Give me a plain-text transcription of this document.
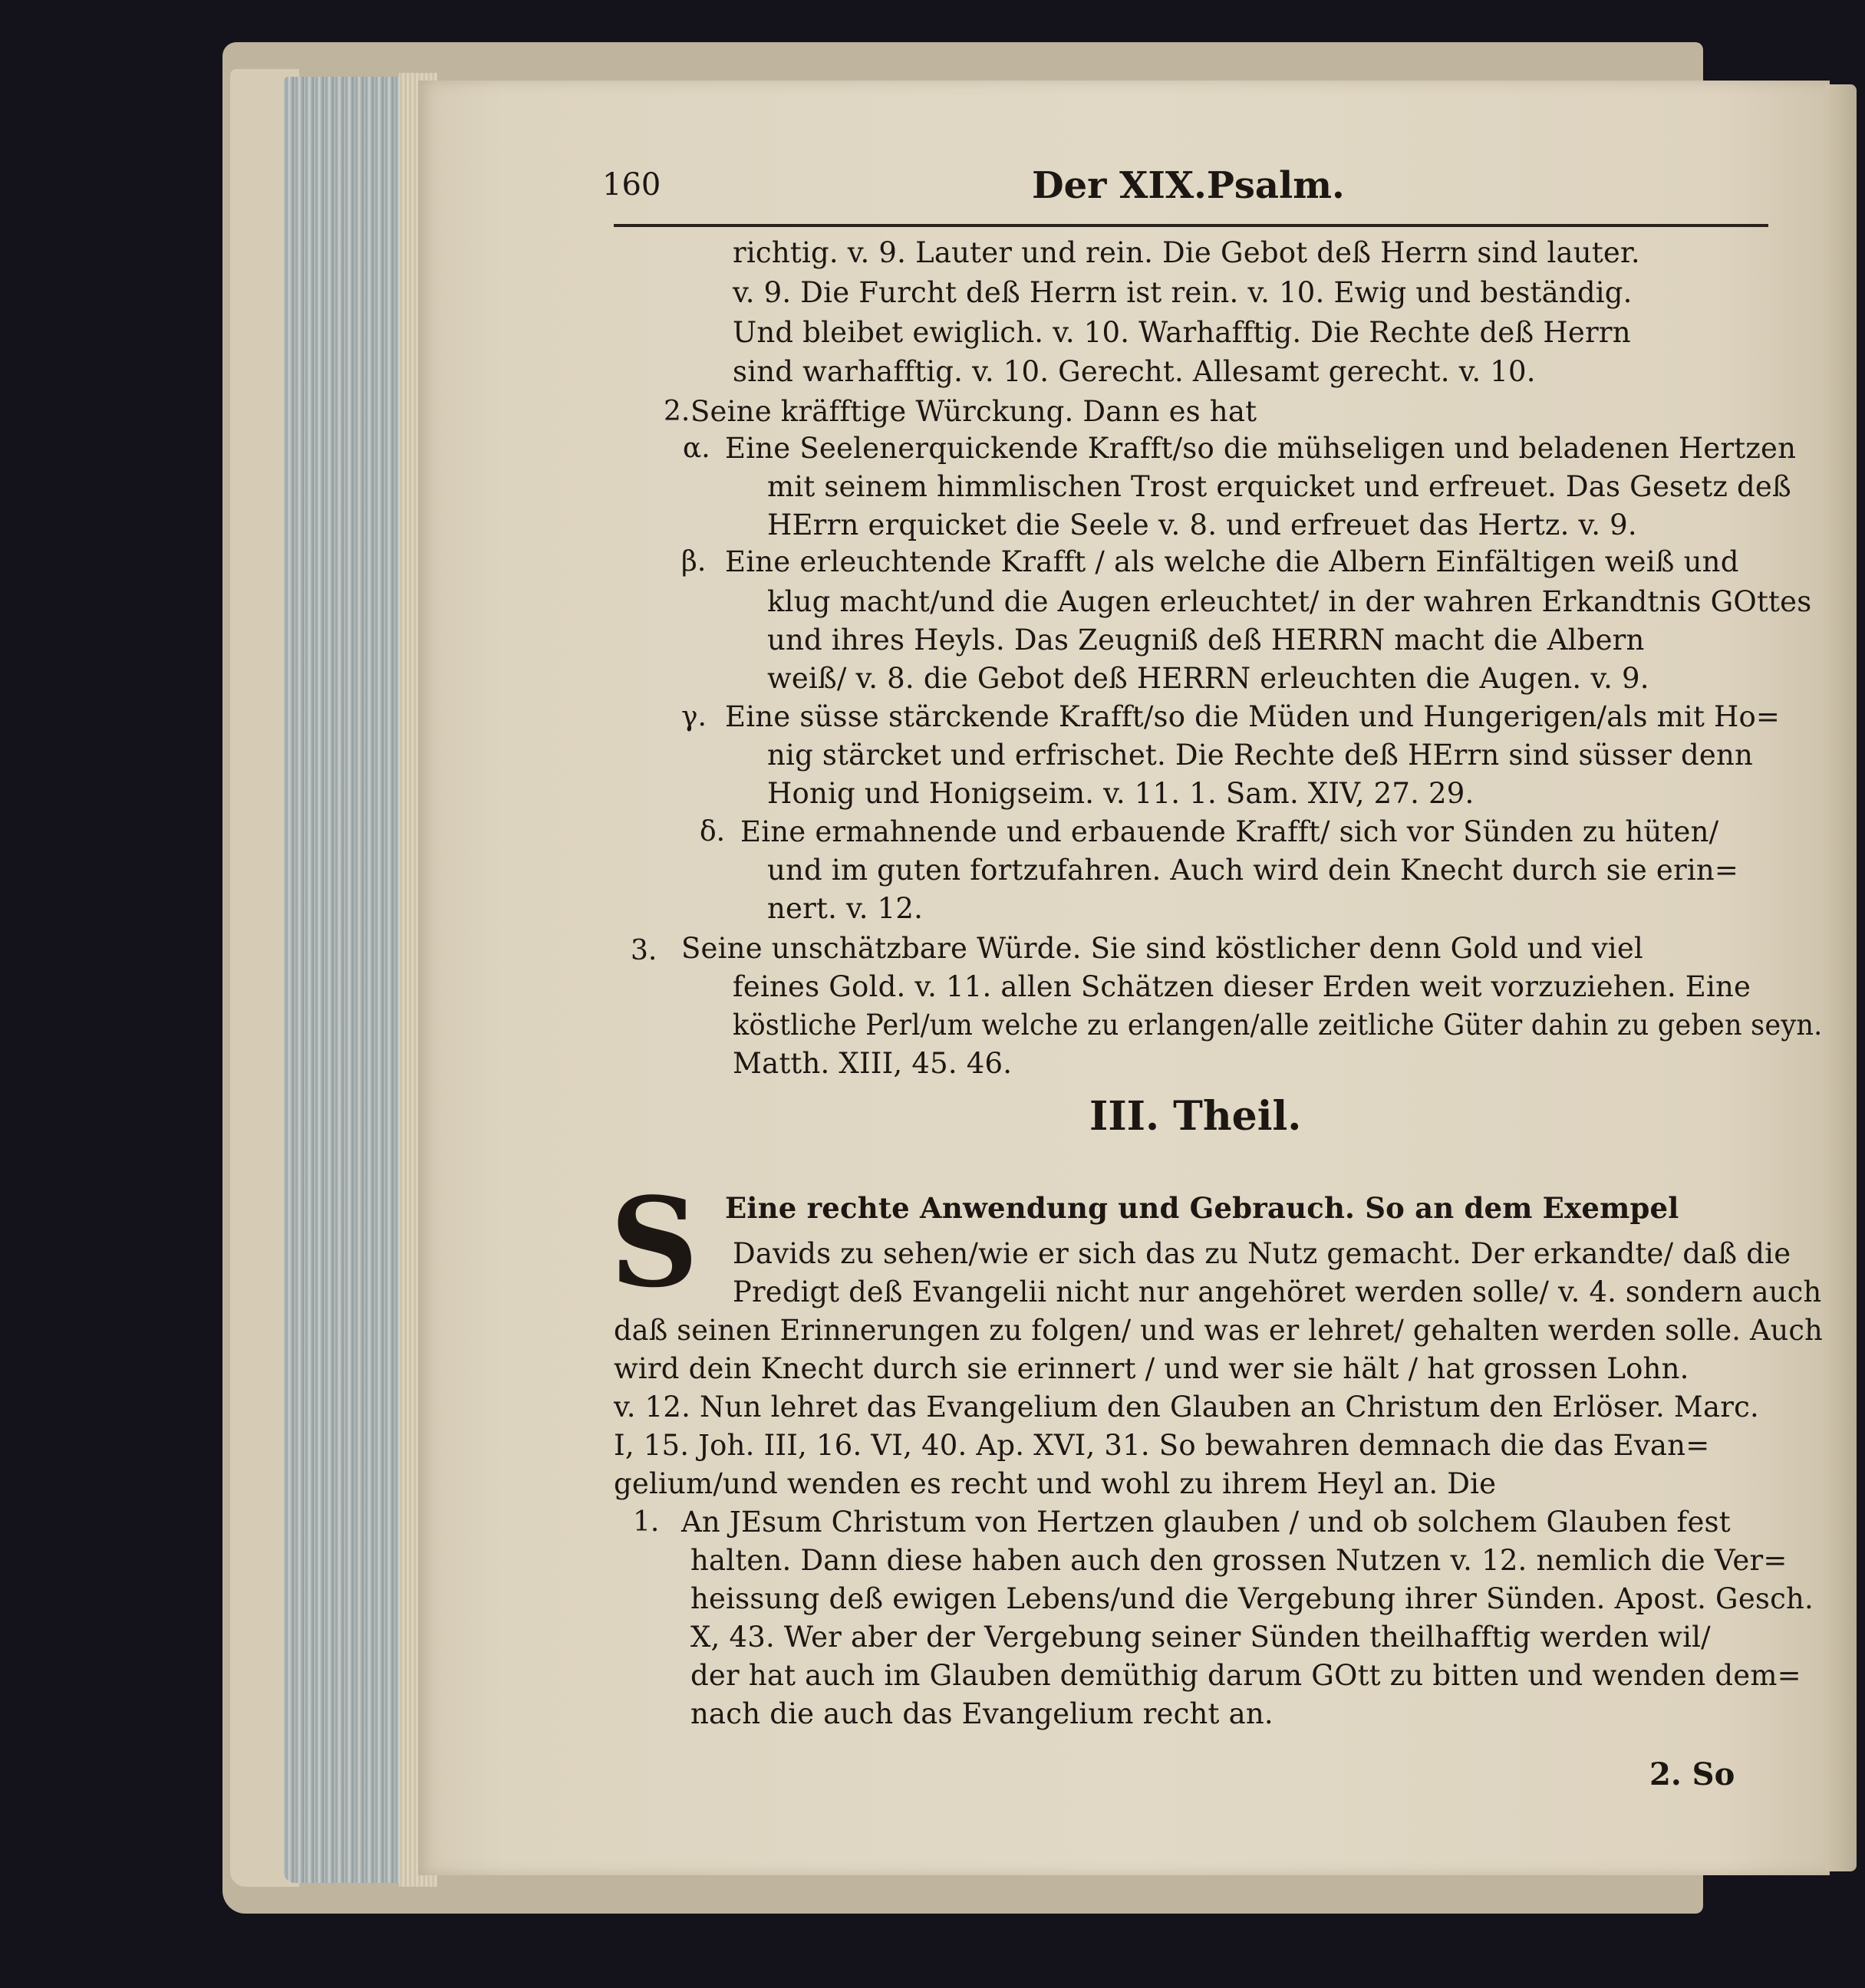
160	Der XIX.Psalm.
richtig. v. 9. Lauter und rein. Die Gebot deß Herrn sind lauter.
v. 9. Die Furcht deß Herrn ist rein. v. 10. Ewig und beständig.
Und bleibet ewiglich. v. 10. Warhafftig. Die Rechte deß Herrn
sind warhafftig. v. 10. Gerecht. Allesamt gerecht. v. 10.
2. Seine kräfftige Würckung. Dann es hat
α. Eine Seelenerquickende Krafft/so die mühseligen und beladenen Hertzen
mit seinem himmlischen Trost erquicket und erfreuet. Das Gesetz deß
HErrn erquicket die Seele v. 8. und erfreuet das Hertz. v. 9.
β. Eine erleuchtende Krafft / als welche die Albern Einfältigen weiß und
klug macht/und die Augen erleuchtet/ in der wahren Erkandtnis GOttes
und ihres Heyls. Das Zeugniß deß HERRN macht die Albern
weiß/ v. 8. die Gebot deß HERRN erleuchten die Augen. v. 9.
γ. Eine süsse stärckende Krafft/so die Müden und Hungerigen/als mit Ho=
nig stärcket und erfrischet. Die Rechte deß HErrn sind süsser denn
Honig und Honigseim. v. 11. 1. Sam. XIV, 27. 29.
δ. Eine ermahnende und erbauende Krafft/ sich vor Sünden zu hüten/
und im guten fortzufahren. Auch wird dein Knecht durch sie erin=
nert. v. 12.
3. Seine unschätzbare Würde. Sie sind köstlicher denn Gold und viel
feines Gold. v. 11. allen Schätzen dieser Erden weit vorzuziehen. Eine
köstliche Perl/um welche zu erlangen/alle zeitliche Güter dahin zu geben seyn.
Matth. XIII, 45. 46.
III. Theil.
S Eine rechte Anwendung und Gebrauch. So an dem Exempel
Davids zu sehen/wie er sich das zu Nutz gemacht. Der erkandte/ daß die
Predigt deß Evangelii nicht nur angehöret werden solle/ v. 4. sondern auch
daß seinen Erinnerungen zu folgen/ und was er lehret/ gehalten werden solle. Auch
wird dein Knecht durch sie erinnert / und wer sie hält / hat grossen Lohn.
v. 12. Nun lehret das Evangelium den Glauben an Christum den Erlöser. Marc.
I, 15. Joh. III, 16. VI, 40. Ap. XVI, 31. So bewahren demnach die das Evan=
gelium/und wenden es recht und wohl zu ihrem Heyl an. Die
1. An JEsum Christum von Hertzen glauben / und ob solchem Glauben fest
halten. Dann diese haben auch den grossen Nutzen v. 12. nemlich die Ver=
heissung deß ewigen Lebens/und die Vergebung ihrer Sünden. Apost. Gesch.
X, 43. Wer aber der Vergebung seiner Sünden theilhafftig werden wil/
der hat auch im Glauben demüthig darum GOtt zu bitten und wenden dem=
nach die auch das Evangelium recht an.
2. So
